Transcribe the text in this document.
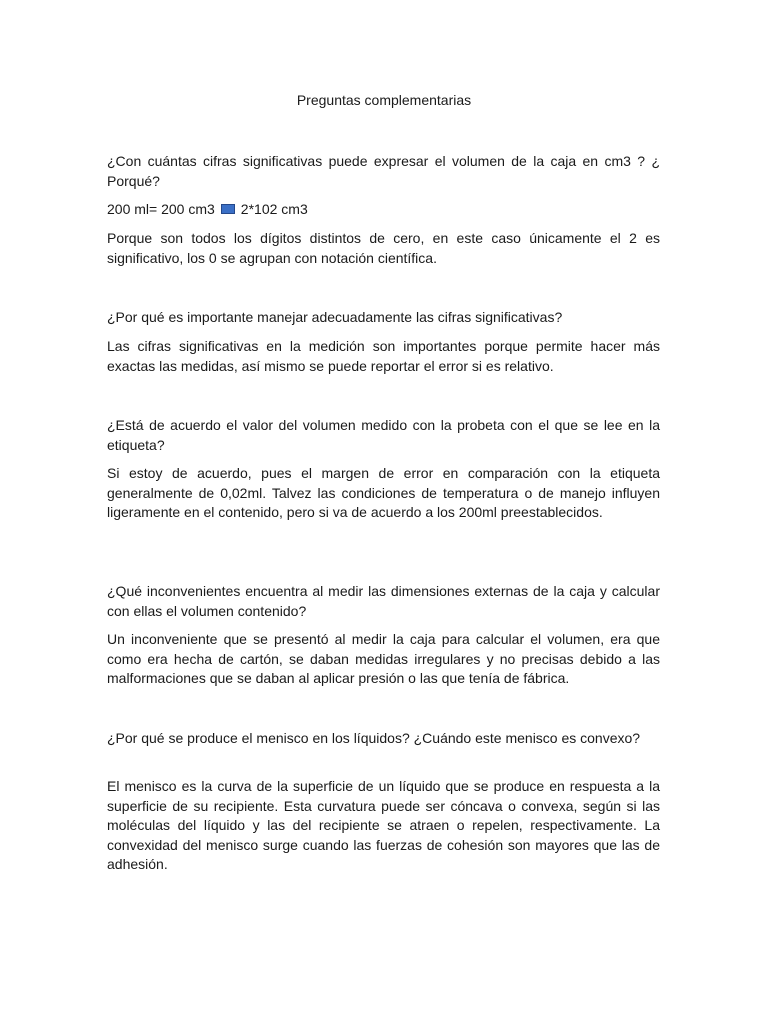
Preguntas complementarias

¿Con cuántas cifras significativas puede expresar el volumen de la caja en cm3 ? ¿ Porqué?

200 ml= 200 cm3 2*102 cm3

Porque son todos los dígitos distintos de cero, en este caso únicamente el 2 es significativo, los 0 se agrupan con notación científica.

¿Por qué es importante manejar adecuadamente las cifras significativas?

Las cifras significativas en la medición son importantes porque permite hacer más exactas las medidas, así mismo se puede reportar el error si es relativo.

¿Está de acuerdo el valor del volumen medido con la probeta con el que se lee en la etiqueta?

Si estoy de acuerdo, pues el margen de error en comparación con la etiqueta generalmente de 0,02ml. Talvez las condiciones de temperatura o de manejo influyen ligeramente en el contenido, pero si va de acuerdo a los 200ml preestablecidos.

¿Qué inconvenientes encuentra al medir las dimensiones externas de la caja y calcular con ellas el volumen contenido?

Un inconveniente que se presentó al medir la caja para calcular el volumen, era que como era hecha de cartón, se daban medidas irregulares y no precisas debido a las malformaciones que se daban al aplicar presión o las que tenía de fábrica.

¿Por qué se produce el menisco en los líquidos? ¿Cuándo este menisco es convexo?

El menisco es la curva de la superficie de un líquido que se produce en respuesta a la superficie de su recipiente. Esta curvatura puede ser cóncava o convexa, según si las moléculas del líquido y las del recipiente se atraen o repelen, respectivamente. La convexidad del menisco surge cuando las fuerzas de cohesión son mayores que las de adhesión.
